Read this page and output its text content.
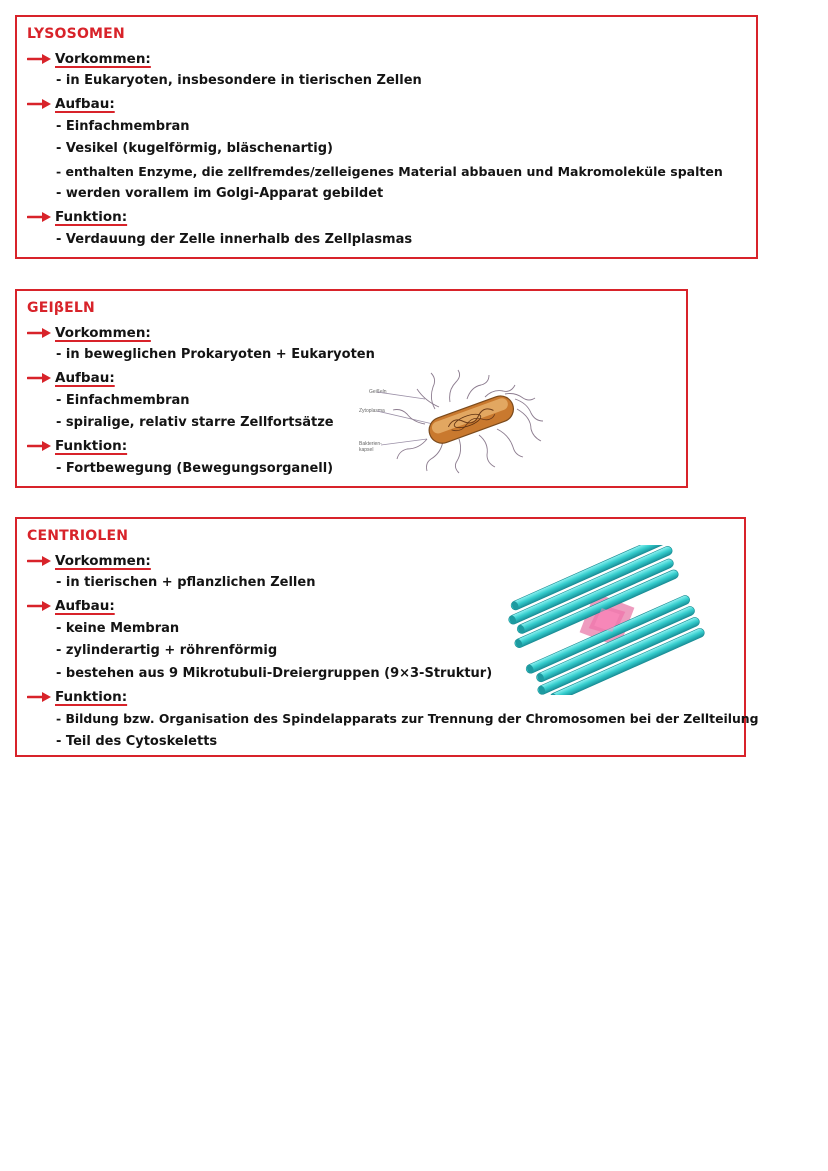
LYSOSOMEN
Vorkommen:
- in Eukaryoten, insbesondere in tierischen Zellen
Aufbau:
- Einfachmembran
- Vesikel (kugelförmig, bläschenartig)
- enthalten Enzyme, die zellfremdes/zelleigenes Material abbauen und Makromoleküle spalten
- werden vorallem im Golgi-Apparat gebildet
Funktion:
- Verdauung der Zelle innerhalb des Zellplasmas
GEIβELN
Vorkommen:
- in beweglichen Prokaryoten + Eukaryoten
Aufbau:
- Einfachmembran
- spiralige, relativ starre Zellfortsätze
Funktion:
- Fortbewegung (Bewegungsorganell)
Geißeln
Zytoplasma
Bakterien-kapsel
CENTRIOLEN
Vorkommen:
- in tierischen + pflanzlichen Zellen
Aufbau:
- keine Membran
- zylinderartig + röhrenförmig
- bestehen aus 9 Mikrotubuli-Dreiergruppen (9×3-Struktur)
Funktion:
- Bildung bzw. Organisation des Spindelapparats zur Trennung der Chromosomen bei der Zellteilung
- Teil des Cytoskeletts
